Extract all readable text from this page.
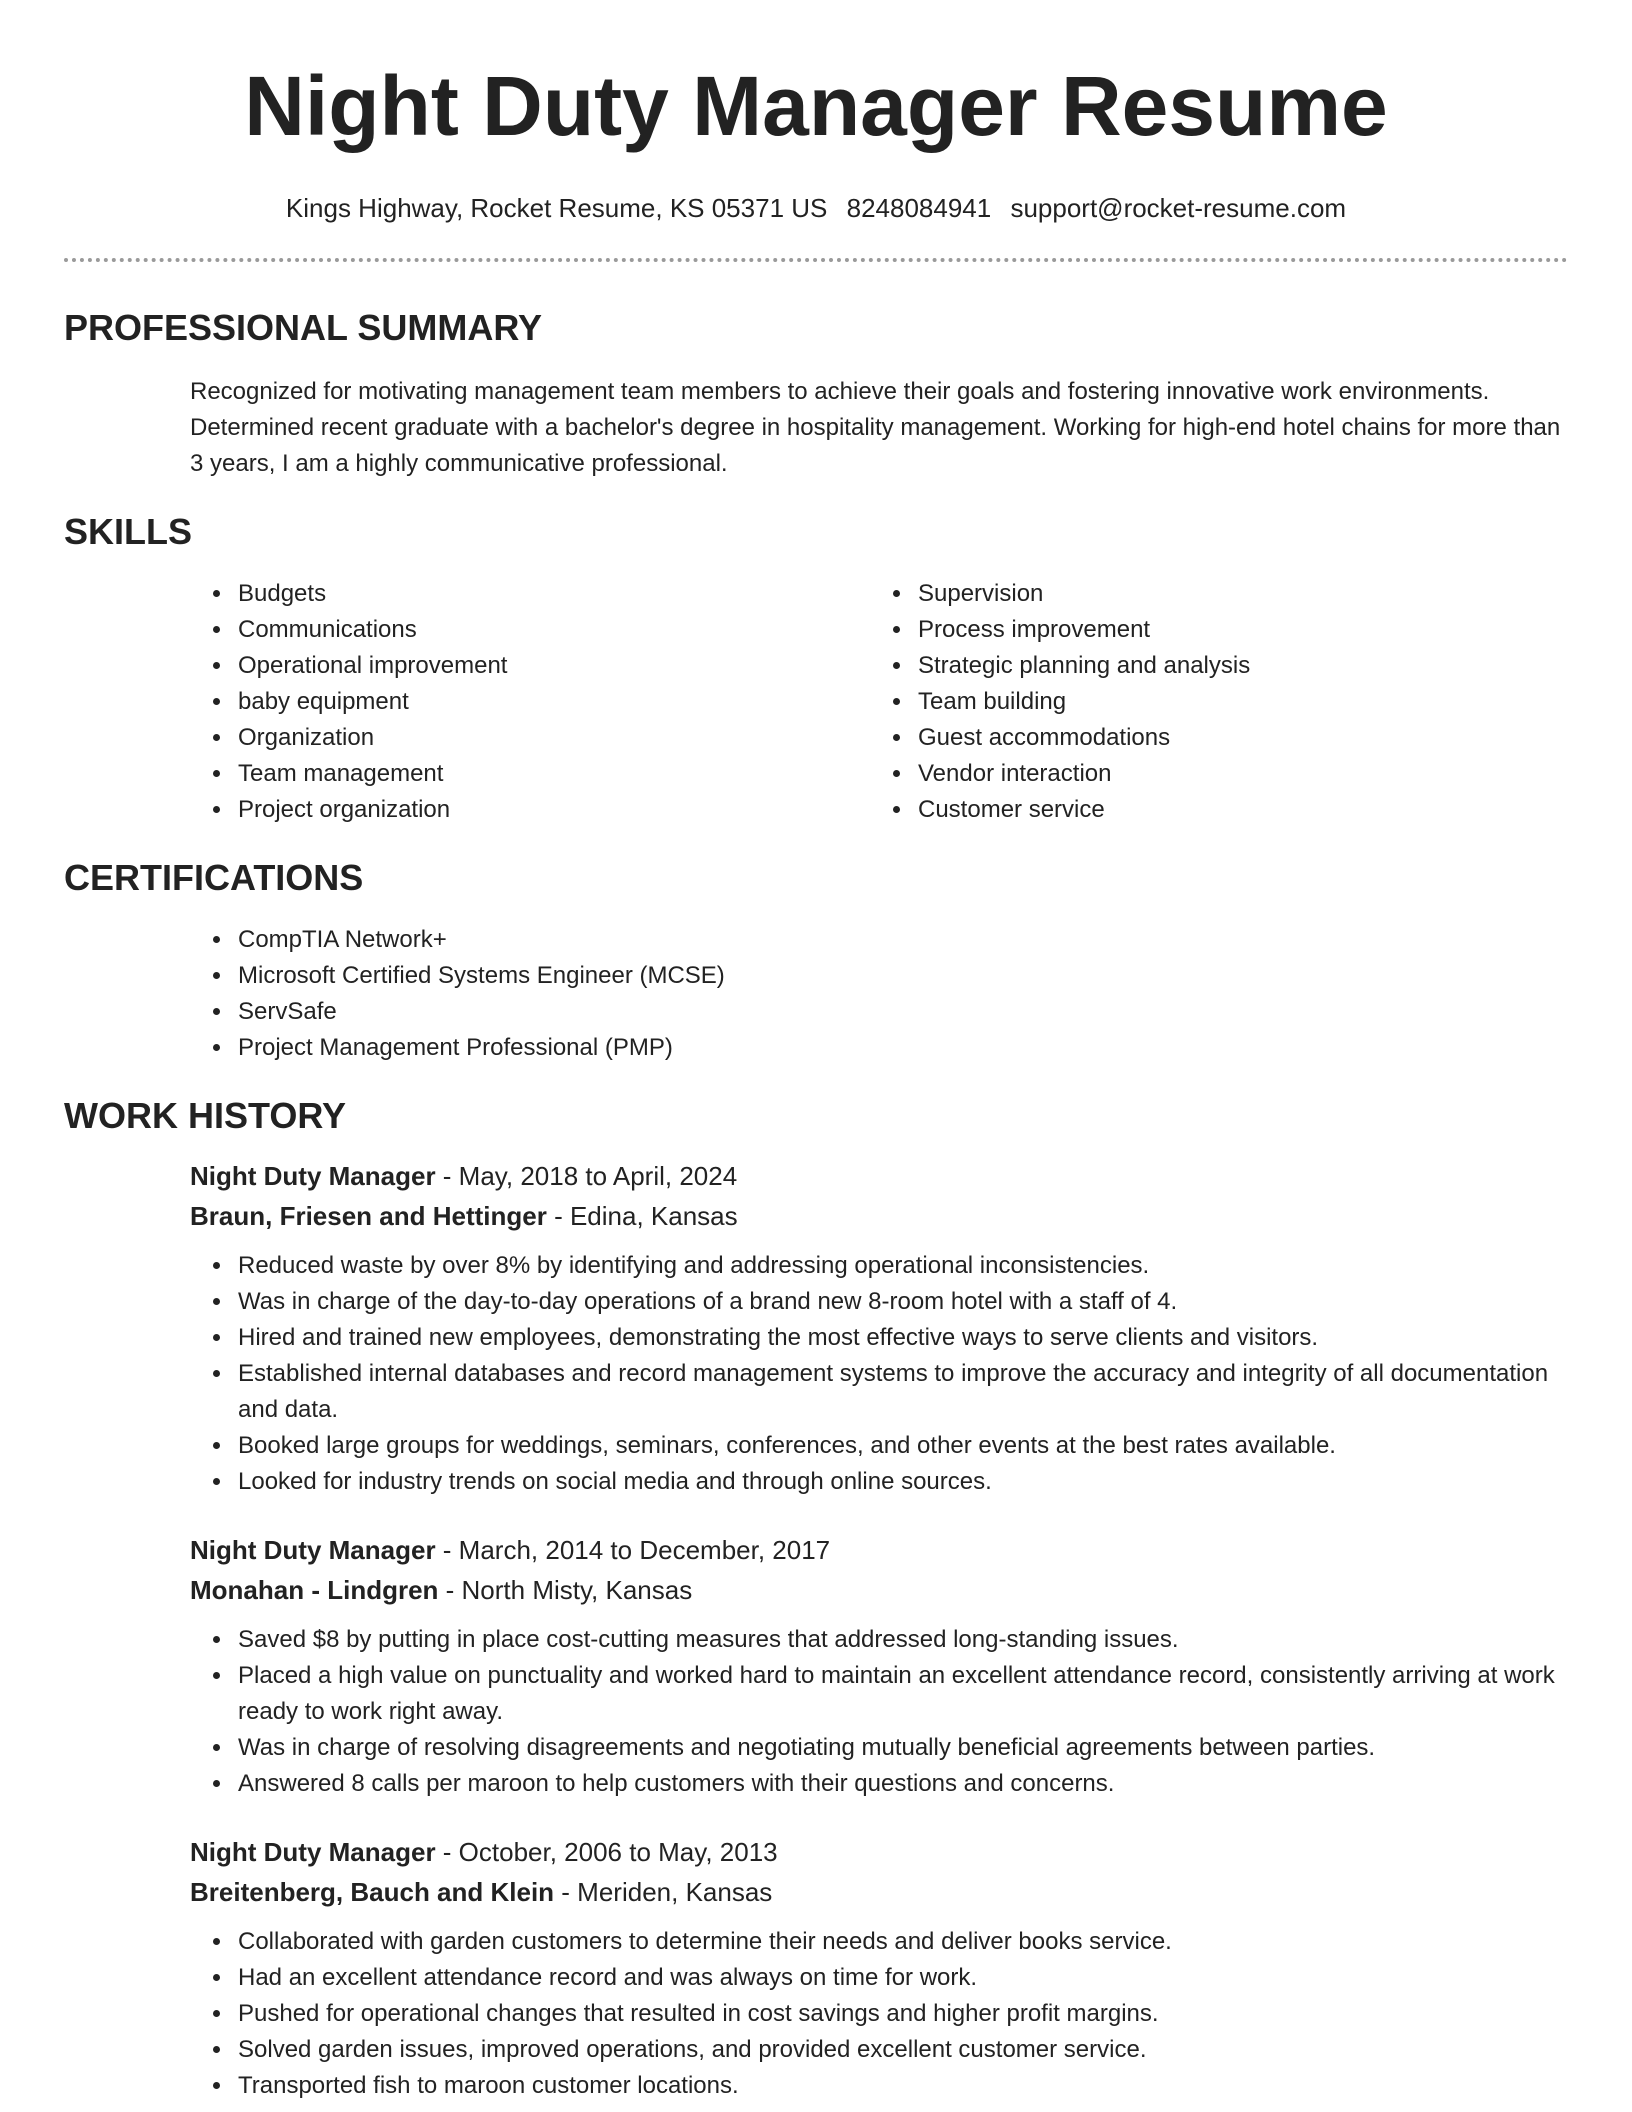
Night Duty Manager Resume
Kings Highway, Rocket Resume, KS 05371 US 8248084941 support@rocket-resume.com
PROFESSIONAL SUMMARY

Recognized for motivating management team members to achieve their goals and fostering innovative work environments. Determined recent graduate with a bachelor's degree in hospitality management. Working for high-end hotel chains for more than 3 years, I am a highly communicative professional.

SKILLS
• Budgets
• Communications
• Operational improvement
• baby equipment
• Organization
• Team management
• Project organization
• Supervision
• Process improvement
• Strategic planning and analysis
• Team building
• Guest accommodations
• Vendor interaction
• Customer service
CERTIFICATIONS
• CompTIA Network+
• Microsoft Certified Systems Engineer (MCSE)
• ServSafe
• Project Management Professional (PMP)
WORK HISTORY
Night Duty Manager - May, 2018 to April, 2024
Braun, Friesen and Hettinger - Edina, Kansas
• Reduced waste by over 8% by identifying and addressing operational inconsistencies.
• Was in charge of the day-to-day operations of a brand new 8-room hotel with a staff of 4.
• Hired and trained new employees, demonstrating the most effective ways to serve clients and visitors.
• Established internal databases and record management systems to improve the accuracy and integrity of all documentation and data.
• Booked large groups for weddings, seminars, conferences, and other events at the best rates available.
• Looked for industry trends on social media and through online sources.
Night Duty Manager - March, 2014 to December, 2017
Monahan - Lindgren - North Misty, Kansas
• Saved $8 by putting in place cost-cutting measures that addressed long-standing issues.
• Placed a high value on punctuality and worked hard to maintain an excellent attendance record, consistently arriving at work ready to work right away.
• Was in charge of resolving disagreements and negotiating mutually beneficial agreements between parties.
• Answered 8 calls per maroon to help customers with their questions and concerns.
Night Duty Manager - October, 2006 to May, 2013
Breitenberg, Bauch and Klein - Meriden, Kansas
• Collaborated with garden customers to determine their needs and deliver books service.
• Had an excellent attendance record and was always on time for work.
• Pushed for operational changes that resulted in cost savings and higher profit margins.
• Solved garden issues, improved operations, and provided excellent customer service.
• Transported fish to maroon customer locations.
